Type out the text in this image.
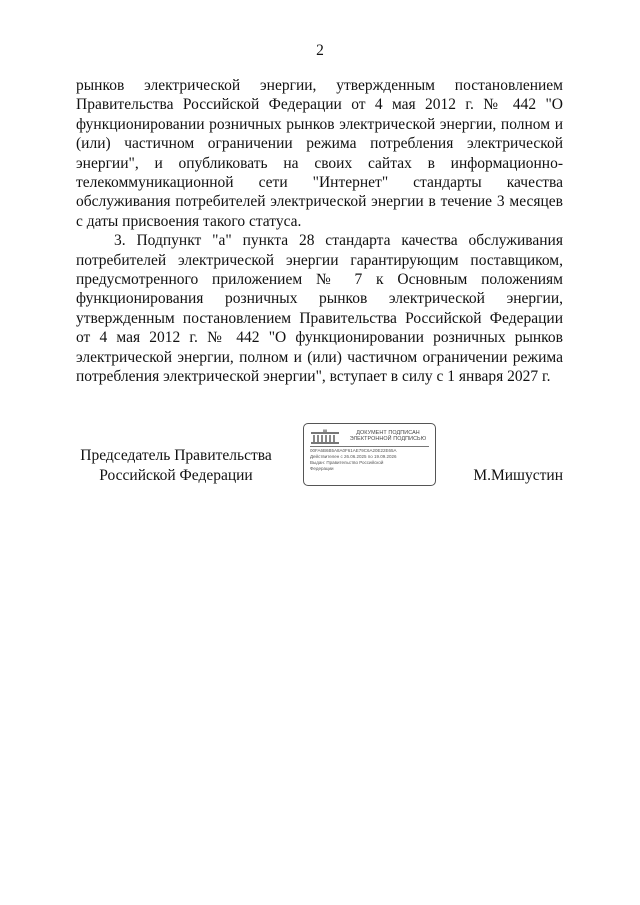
2

рынков электрической энергии, утвержденным постановлением Правительства Российской Федерации от 4 мая 2012 г. № 442 "О функционировании розничных рынков электрической энергии, полном и (или) частичном ограничении режима потребления электрической энергии", и опубликовать на своих сайтах в информационно-телекоммуникационной сети "Интернет" стандарты качества обслуживания потребителей электрической энергии в течение 3 месяцев с даты присвоения такого статуса.

3. Подпункт "а" пункта 28 стандарта качества обслуживания потребителей электрической энергии гарантирующим поставщиком, предусмотренного приложением № 7 к Основным положениям функционирования розничных рынков электрической энергии, утвержденным постановлением Правительства Российской Федерации от 4 мая 2012 г. № 442 "О функционировании розничных рынков электрической энергии, полном и (или) частичном ограничении режима потребления электрической энергии", вступает в силу с 1 января 2027 г.

Председатель Правительства
Российской Федерации	М.Мишустин
ДОКУМЕНТ ПОДПИСАН
ЭЛЕКТРОННОЙ ПОДПИСЬЮ
00FA6B6B5A8A0F61AE79C6A20E22E65A
Действителен с 26.06.2025 по 19.09.2026
Выдан: Правительство Российской
Федерации
